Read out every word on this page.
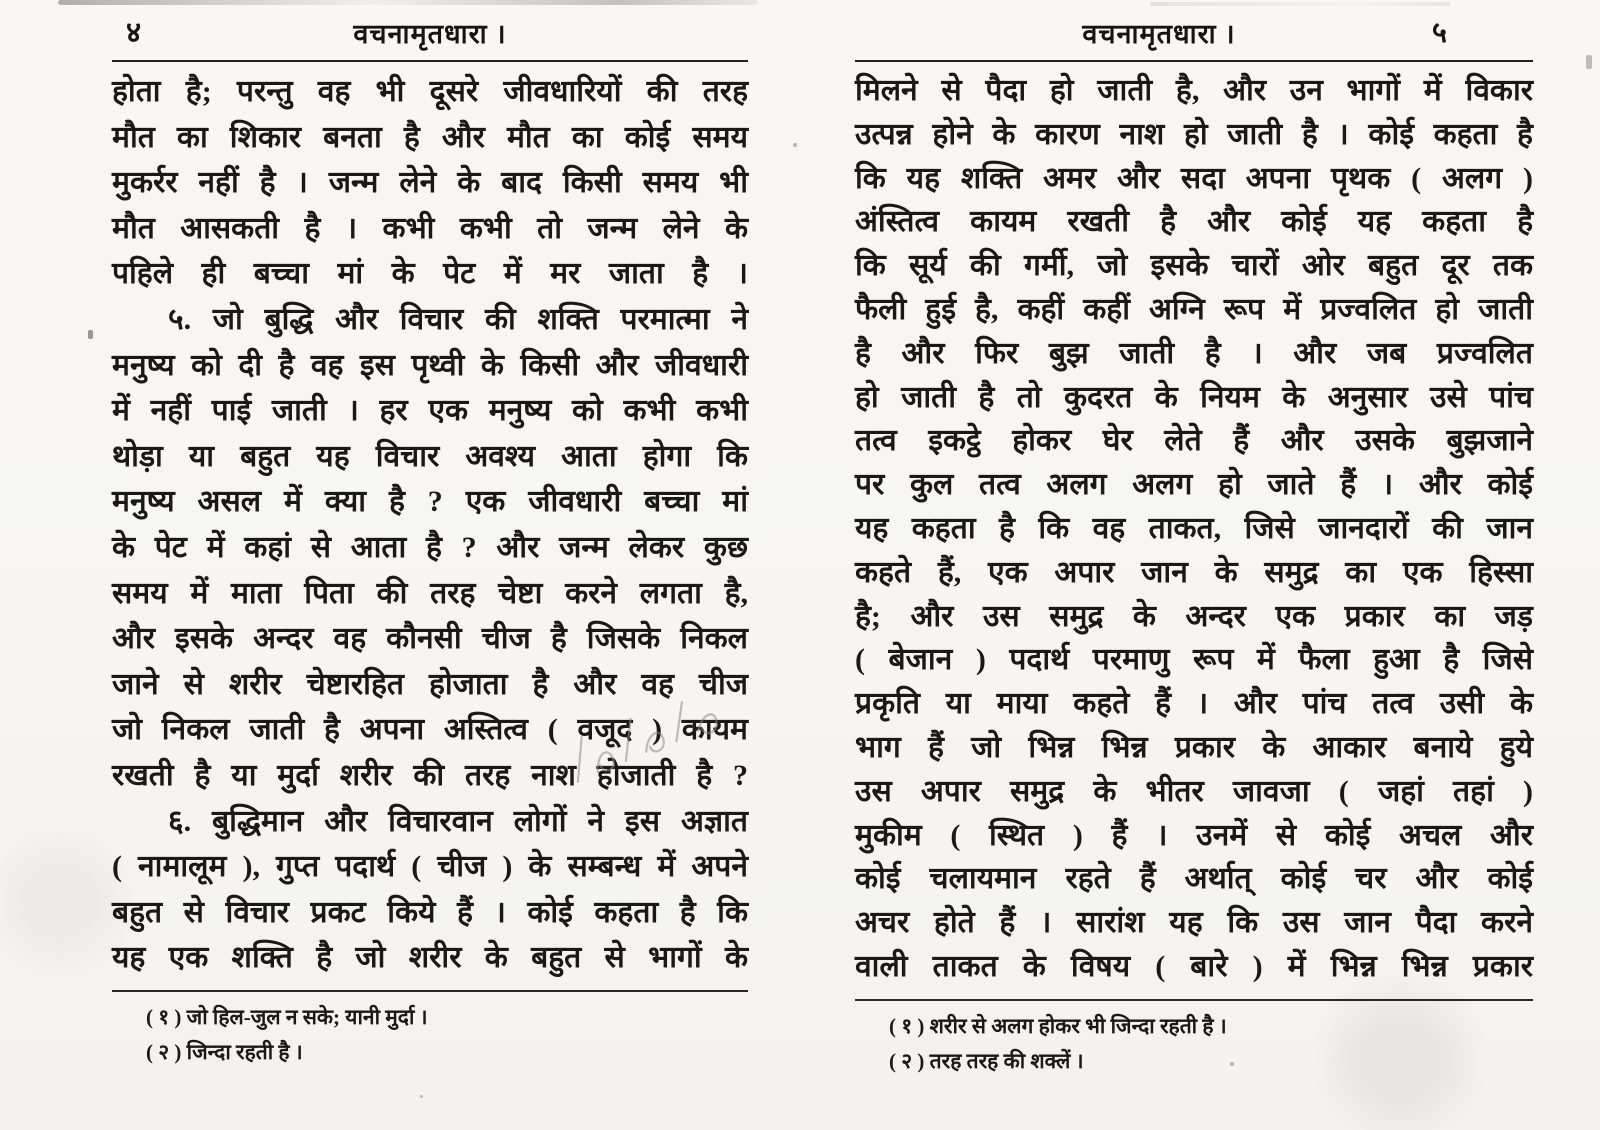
४	वचनामृतधारा ।
होता है; परन्तु वह भी दूसरे जीवधारियों की तरह
मौत का शिकार बनता है और मौत का कोई समय
मुकर्रर नहीं है । जन्म लेने के बाद किसी समय भी
मौत आसकती है । कभी कभी तो जन्म लेने के
पहिले ही बच्चा मां के पेट में मर जाता है ।
५. जो बुद्धि और विचार की शक्ति परमात्मा ने
मनुष्य को दी है वह इस पृथ्वी के किसी और जीवधारी
में नहीं पाई जाती । हर एक मनुष्य को कभी कभी
थोड़ा या बहुत यह विचार अवश्य आता होगा कि
मनुष्य असल में क्या है ? एक जीवधारी बच्चा मां
के पेट में कहां से आता है ? और जन्म लेकर कुछ
समय में माता पिता की तरह चेष्टा करने लगता है,
और इसके अन्दर वह कौनसी चीज है जिसके निकल
जाने से शरीर चेष्टारहित होजाता है और वह चीज
जो निकल जाती है अपना अस्तित्व ( वजूद ) कायम
रखती है या मुर्दा शरीर की तरह नाश होजाती है ?
६. बुद्धिमान और विचारवान लोगों ने इस अज्ञात
( नामालूम ), गुप्त पदार्थ ( चीज ) के सम्बन्ध में अपने
बहुत से विचार प्रकट किये हैं । कोई कहता है कि
यह एक शक्ति है जो शरीर के बहुत से भागों के
( १ ) जो हिल-जुल न सके; यानी मुर्दा ।
( २ ) जिन्दा रहती है ।
वचनामृतधारा ।	५
मिलने से पैदा हो जाती है, और उन भागों में विकार
उत्पन्न होने के कारण नाश हो जाती है । कोई कहता है
कि यह शक्ति अमर और सदा अपना पृथक ( अलग )
अंस्तित्व कायम रखती है और कोई यह कहता है
कि सूर्य की गर्मी, जो इसके चारों ओर बहुत दूर तक
फैली हुई है, कहीं कहीं अग्नि रूप में प्रज्वलित हो जाती
है और फिर बुझ जाती है । और जब प्रज्वलित
हो जाती है तो कुदरत के नियम के अनुसार उसे पांच
तत्व इकट्ठे होकर घेर लेते हैं और उसके बुझजाने
पर कुल तत्व अलग अलग हो जाते हैं । और कोई
यह कहता है कि वह ताकत, जिसे जानदारों की जान
कहते हैं, एक अपार जान के समुद्र का एक हिस्सा
है; और उस समुद्र के अन्दर एक प्रकार का जड़
( बेजान ) पदार्थ परमाणु रूप में फैला हुआ है जिसे
प्रकृति या माया कहते हैं । और पांच तत्व उसी के
भाग हैं जो भिन्न भिन्न प्रकार के आकार बनाये हुये
उस अपार समुद्र के भीतर जावजा ( जहां तहां )
मुकीम ( स्थित ) हैं । उनमें से कोई अचल और
कोई चलायमान रहते हैं अर्थात् कोई चर और कोई
अचर होते हैं । सारांश यह कि उस जान पैदा करने
वाली ताकत के विषय ( बारे ) में भिन्न भिन्न प्रकार
( १ ) शरीर से अलग होकर भी जिन्दा रहती है ।
( २ ) तरह तरह की शक्लें ।
